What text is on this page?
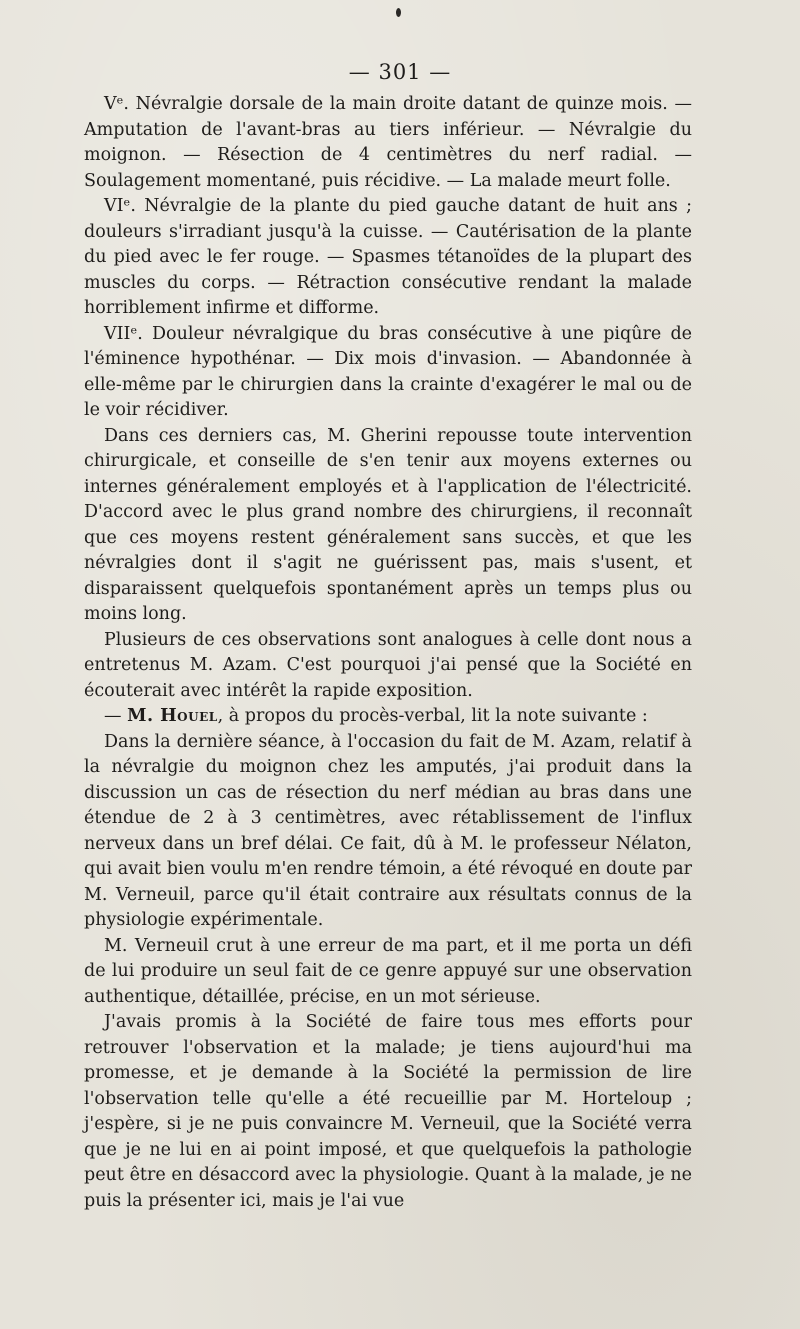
— 301 —

Vᵉ. Névralgie dorsale de la main droite datant de quinze mois. — Amputation de l'avant-bras au tiers inférieur. — Névralgie du moignon. — Résection de 4 centimètres du nerf radial. — Soulagement momentané, puis récidive. — La malade meurt folle.

VIᵉ. Névralgie de la plante du pied gauche datant de huit ans ; douleurs s'irradiant jusqu'à la cuisse. — Cautérisation de la plante du pied avec le fer rouge. — Spasmes tétanoïdes de la plupart des muscles du corps. — Rétraction consécutive rendant la malade horriblement infirme et difforme.

VIIᵉ. Douleur névralgique du bras consécutive à une piqûre de l'éminence hypothénar. — Dix mois d'invasion. — Abandonnée à elle-même par le chirurgien dans la crainte d'exagérer le mal ou de le voir récidiver.

Dans ces derniers cas, M. Gherini repousse toute intervention chirurgicale, et conseille de s'en tenir aux moyens externes ou internes généralement employés et à l'application de l'électricité. D'accord avec le plus grand nombre des chirurgiens, il reconnaît que ces moyens restent généralement sans succès, et que les névralgies dont il s'agit ne guérissent pas, mais s'usent, et disparaissent quelquefois spontanément après un temps plus ou moins long.

Plusieurs de ces observations sont analogues à celle dont nous a entretenus M. Azam. C'est pourquoi j'ai pensé que la Société en écouterait avec intérêt la rapide exposition.

— M. Houel, à propos du procès-verbal, lit la note suivante :

Dans la dernière séance, à l'occasion du fait de M. Azam, relatif à la névralgie du moignon chez les amputés, j'ai produit dans la discussion un cas de résection du nerf médian au bras dans une étendue de 2 à 3 centimètres, avec rétablissement de l'influx nerveux dans un bref délai. Ce fait, dû à M. le professeur Nélaton, qui avait bien voulu m'en rendre témoin, a été révoqué en doute par M. Verneuil, parce qu'il était contraire aux résultats connus de la physiologie expérimentale.

M. Verneuil crut à une erreur de ma part, et il me porta un défi de lui produire un seul fait de ce genre appuyé sur une observation authentique, détaillée, précise, en un mot sérieuse.

J'avais promis à la Société de faire tous mes efforts pour retrouver l'observation et la malade; je tiens aujourd'hui ma promesse, et je demande à la Société la permission de lire l'observation telle qu'elle a été recueillie par M. Horteloup ; j'espère, si je ne puis convaincre M. Verneuil, que la Société verra que je ne lui en ai point imposé, et que quelquefois la pathologie peut être en désaccord avec la physiologie. Quant à la malade, je ne puis la présenter ici, mais je l'ai vue
